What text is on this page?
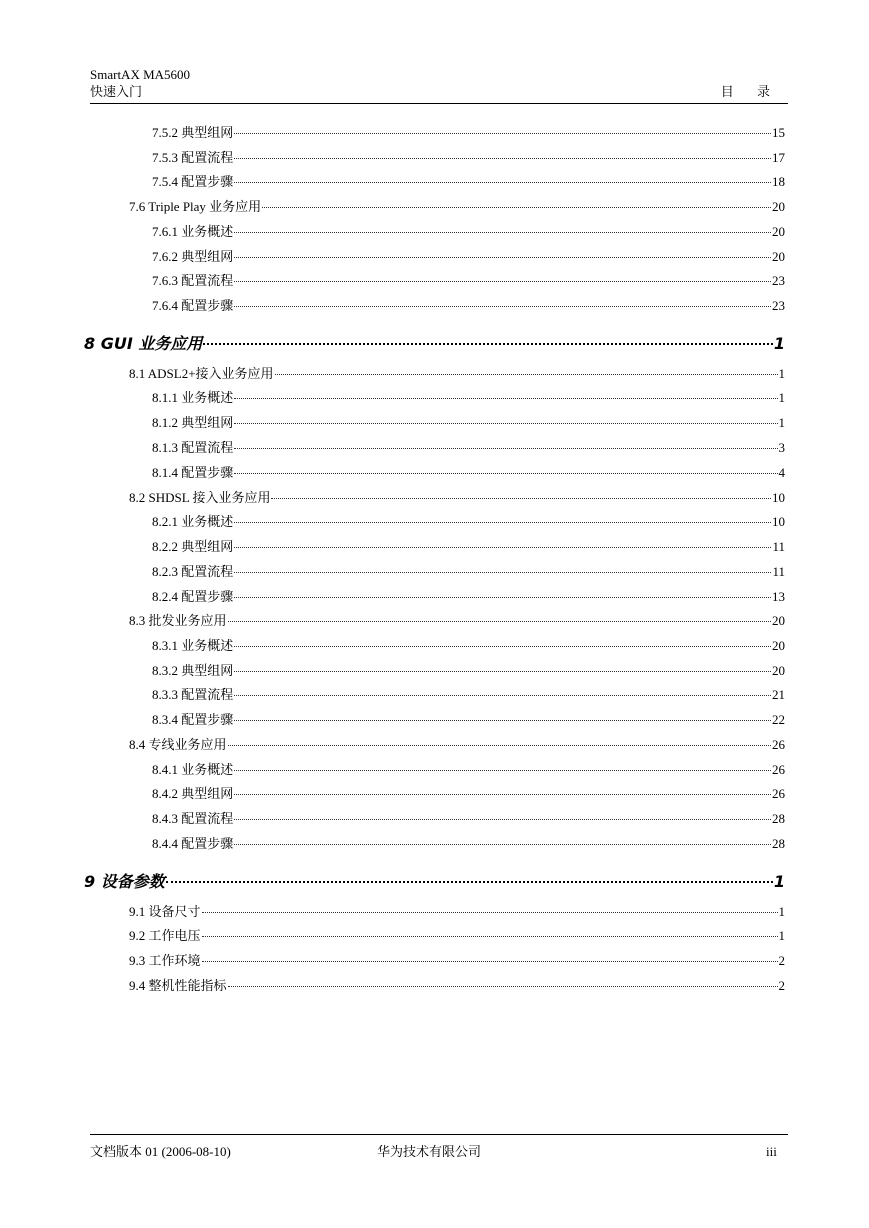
SmartAX MA5600
快速入门	目 录
7.5.2 典型组网	15
7.5.3 配置流程	17
7.5.4 配置步骤	18
7.6 Triple Play 业务应用	20
7.6.1 业务概述	20
7.6.2 典型组网	20
7.6.3 配置流程	23
7.6.4 配置步骤	23
8 GUI 业务应用	1
8.1 ADSL2+接入业务应用	1
8.1.1 业务概述	1
8.1.2 典型组网	1
8.1.3 配置流程	3
8.1.4 配置步骤	4
8.2 SHDSL 接入业务应用	10
8.2.1 业务概述	10
8.2.2 典型组网	11
8.2.3 配置流程	11
8.2.4 配置步骤	13
8.3 批发业务应用	20
8.3.1 业务概述	20
8.3.2 典型组网	20
8.3.3 配置流程	21
8.3.4 配置步骤	22
8.4 专线业务应用	26
8.4.1 业务概述	26
8.4.2 典型组网	26
8.4.3 配置流程	28
8.4.4 配置步骤	28
9 设备参数	1
9.1 设备尺寸	1
9.2 工作电压	1
9.3 工作环境	2
9.4 整机性能指标	2
文档版本 01 (2006-08-10)	华为技术有限公司	iii
